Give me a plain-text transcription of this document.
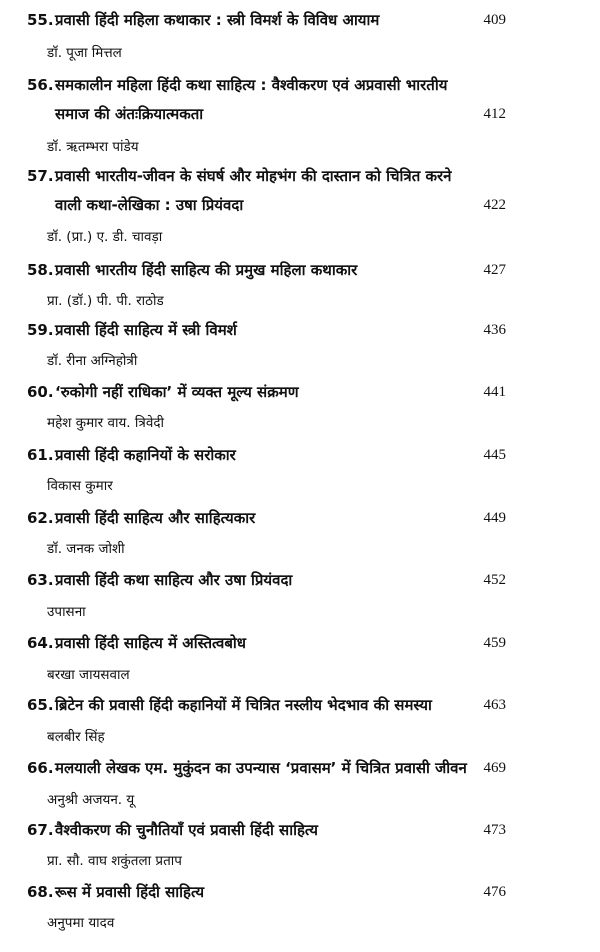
55.प्रवासी हिंदी महिला कथाकार : स्त्री विमर्श के विविध आयाम	409
डॉ. पूजा मित्तल
56.समकालीन महिला हिंदी कथा साहित्य : वैश्वीकरण एवं अप्रवासी भारतीय
समाज की अंतःक्रियात्मकता	412
डॉ. ऋतम्भरा पांडेय
57.प्रवासी भारतीय-जीवन के संघर्ष और मोहभंग की दास्तान को चित्रित करने
वाली कथा-लेखिका : उषा प्रियंवदा	422
डॉ. (प्रा.) ए. डी. चावड़ा
58.प्रवासी भारतीय हिंदी साहित्य की प्रमुख महिला कथाकार	427
प्रा. (डॉ.) पी. पी. राठोड
59.प्रवासी हिंदी साहित्य में स्त्री विमर्श	436
डॉ. रीना अग्निहोत्री
60.‘रुकोगी नहीं राधिका’ में व्यक्त मूल्य संक्रमण	441
महेश कुमार वाय. त्रिवेदी
61.प्रवासी हिंदी कहानियों के सरोकार	445
विकास कुमार
62.प्रवासी हिंदी साहित्य और साहित्यकार	449
डॉ. जनक जोशी
63.प्रवासी हिंदी कथा साहित्य और उषा प्रियंवदा	452
उपासना
64.प्रवासी हिंदी साहित्य में अस्तित्वबोध	459
बरखा जायसवाल
65.ब्रिटेन की प्रवासी हिंदी कहानियों में चित्रित नस्लीय भेदभाव की समस्या	463
बलबीर सिंह
66.मलयाली लेखक एम. मुकुंदन का उपन्यास ‘प्रवासम’ में चित्रित प्रवासी जीवन	469
अनुश्री अजयन. यू
67.वैश्वीकरण की चुनौतियाँ एवं प्रवासी हिंदी साहित्य	473
प्रा. सौ. वाघ शकुंतला प्रताप
68.रूस में प्रवासी हिंदी साहित्य	476
अनुपमा यादव
